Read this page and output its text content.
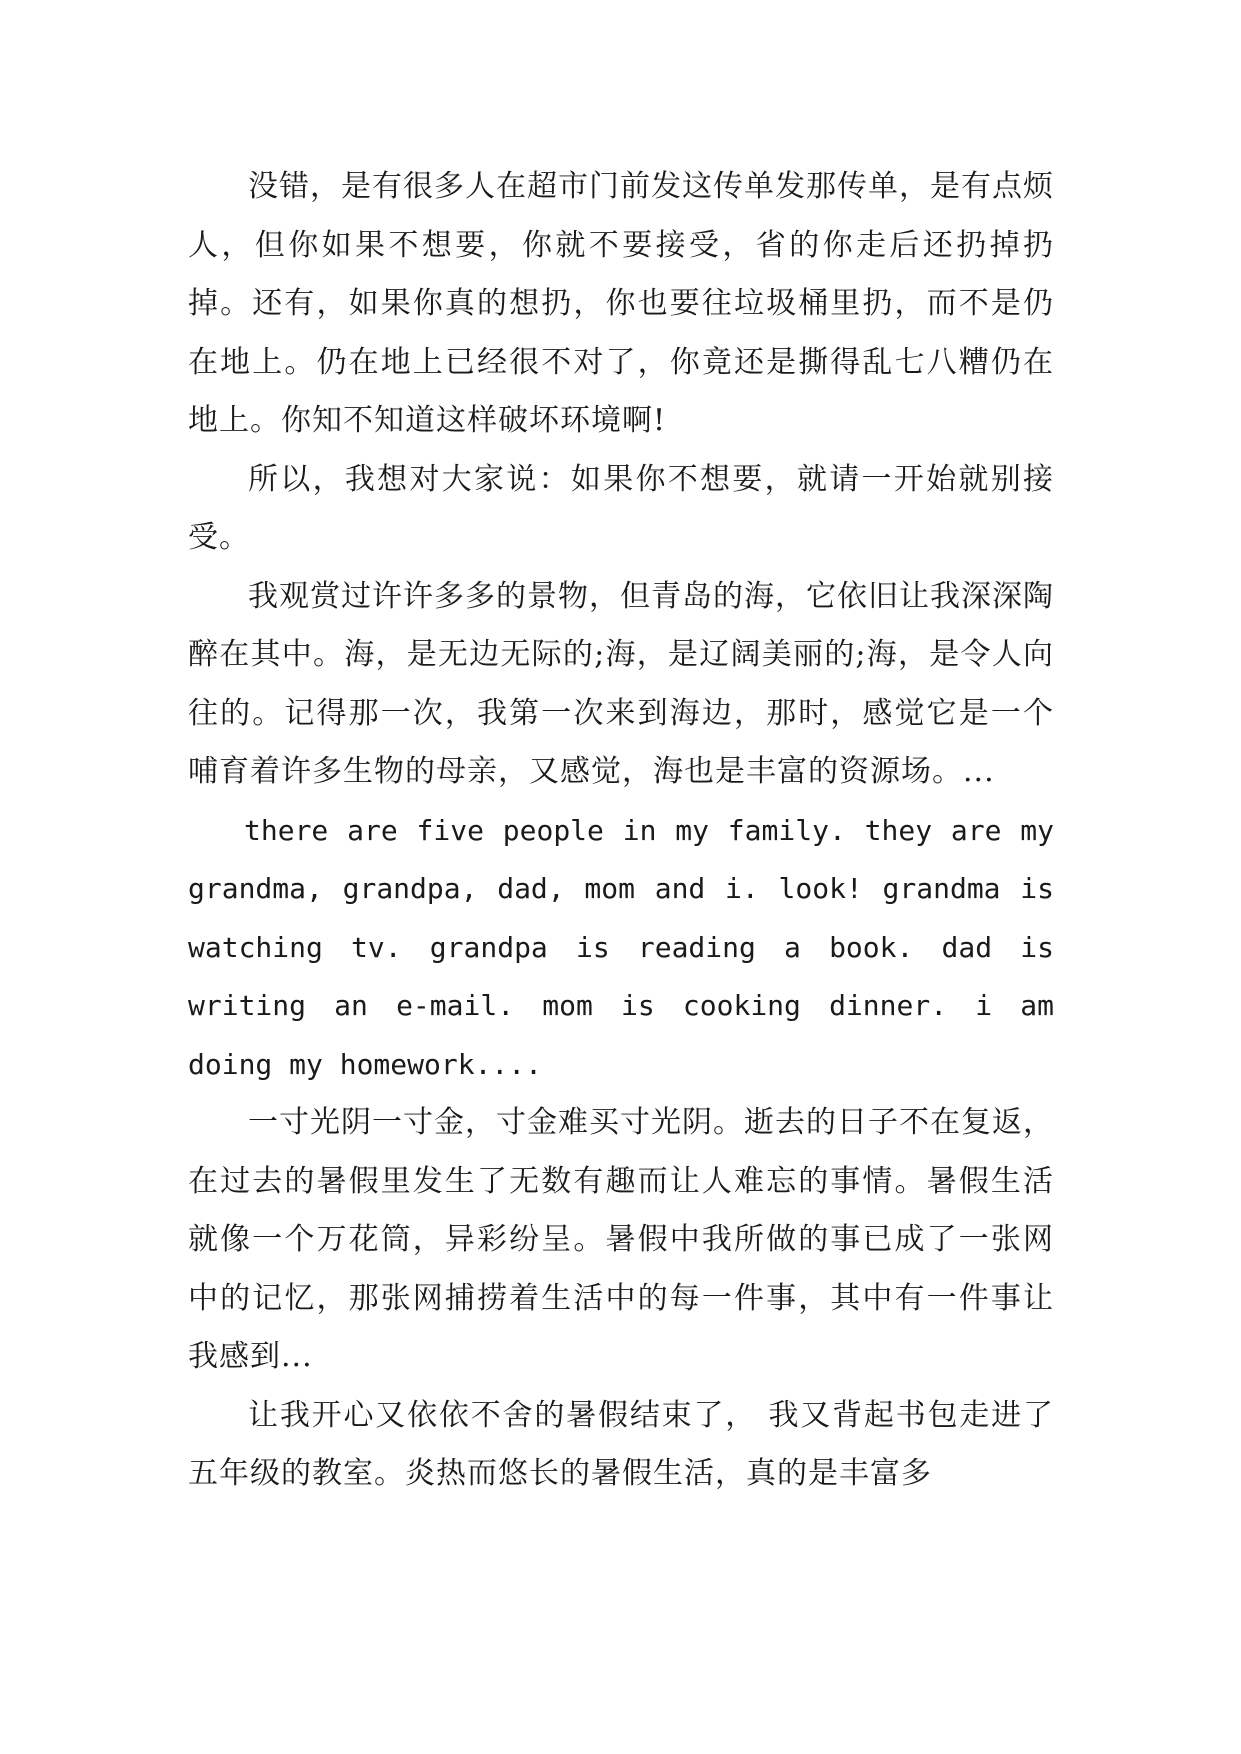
没错，是有很多人在超市门前发这传单发那传单，是有点烦人，但你如果不想要，你就不要接受，省的你走后还扔掉扔掉。还有，如果你真的想扔，你也要往垃圾桶里扔，而不是仍在地上。仍在地上已经很不对了，你竟还是撕得乱七八糟仍在地上。你知不知道这样破坏环境啊!

所以，我想对大家说：如果你不想要，就请一开始就别接受。

我观赏过许许多多的景物，但青岛的海，它依旧让我深深陶醉在其中。海，是无边无际的;海，是辽阔美丽的;海，是令人向往的。记得那一次，我第一次来到海边，那时，感觉它是一个哺育着许多生物的母亲，又感觉，海也是丰富的资源场。...

there are five people in my family. they are my grandma, grandpa, dad, mom and i. look! grandma is watching tv. grandpa is reading a book. dad is writing an e-mail. mom is cooking dinner. i am doing my homework....

一寸光阴一寸金，寸金难买寸光阴。逝去的日子不在复返，在过去的暑假里发生了无数有趣而让人难忘的事情。暑假生活就像一个万花筒，异彩纷呈。暑假中我所做的事已成了一张网中的记忆，那张网捕捞着生活中的每一件事，其中有一件事让我感到...

让我开心又依依不舍的暑假结束了， 我又背起书包走进了五年级的教室。炎热而悠长的暑假生活，真的是丰富多
